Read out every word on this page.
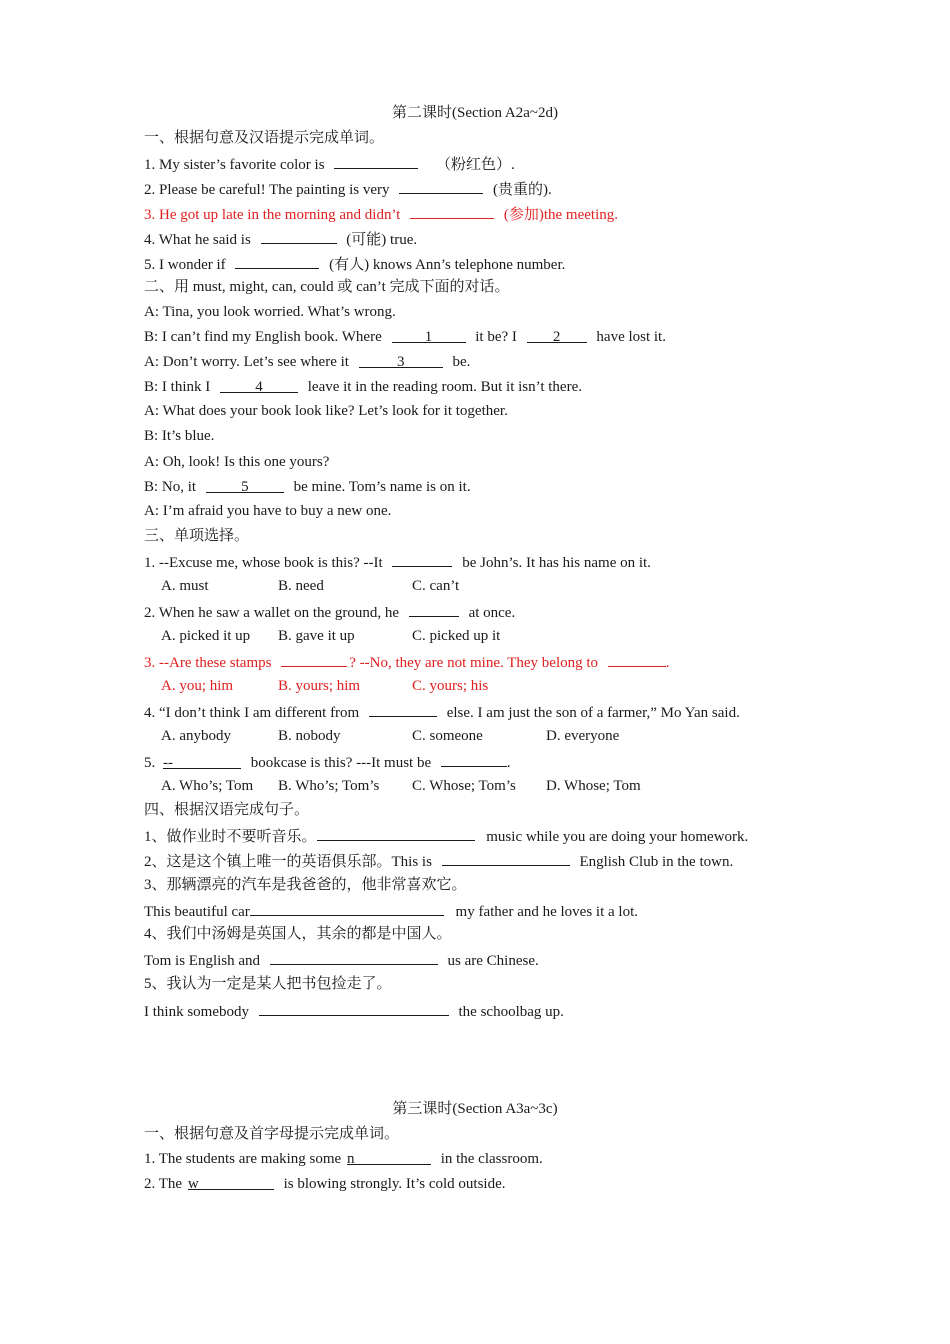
第二课时(Section A2a~2d)
一、根据句意及汉语提示完成单词。
1. My sister’s favorite color is	（粉红色）.
2. Please be careful! The painting is very	(贵重的).
3. He got up late in the morning and didn’t	(参加)the meeting.
4. What he said is	(可能) true.
5. I wonder if	(有人) knows Ann’s telephone number.
二、用 must, might, can, could 或 can’t 完成下面的对话。
A: Tina, you look worried. What’s wrong.
B: I can’t find my English book. Where	1	it be? I 2 have lost it.
A: Don’t worry. Let’s see where it	3	be.
B: I think I	4	leave it in the reading room. But it isn’t there.
A: What does your book look like? Let’s look for it together.
B: It’s blue.
A: Oh, look! Is this one yours?
B: No, it	5	be mine. Tom’s name is on it.
A: I’m afraid you have to buy a new one.
三、单项选择。
1. --Excuse me, whose book is this? --It	be John’s. It has his name on it.
A. must	B. need	C. can’t
2. When he saw a wallet on the ground, he	at once.
A. picked it up B. gave it up	C. picked up it
3. --Are these stamps	? --No, they are not mine. They belong to	.
A. you; him	B. yours; him	C. yours; his
4. “I don’t think I am different from	else. I am just the son of a farmer,” Mo Yan said.
A. anybody	B. nobody	C. someone	D. everyone
5. --	bookcase is this? ---It must be	.
A. Who’s; Tom B. Who’s; Tom’s C. Whose; Tom’s D. Whose; Tom
四、根据汉语完成句子。
1、做作业时不要听音乐。	music while you are doing your homework.
2、这是这个镇上唯一的英语俱乐部。This is	English Club in the town.
3、那辆漂亮的汽车是我爸爸的，他非常喜欢它。
This beautiful car	my father and he loves it a lot.
4、我们中汤姆是英国人，其余的都是中国人。
Tom is English and	us are Chinese.
5、我认为一定是某人把书包捡走了。
I think somebody	the schoolbag up.
第三课时(Section A3a~3c)
一、根据句意及首字母提示完成单词。
1. The students are making some n	in the classroom.
2. The w	is blowing strongly. It’s cold outside.
